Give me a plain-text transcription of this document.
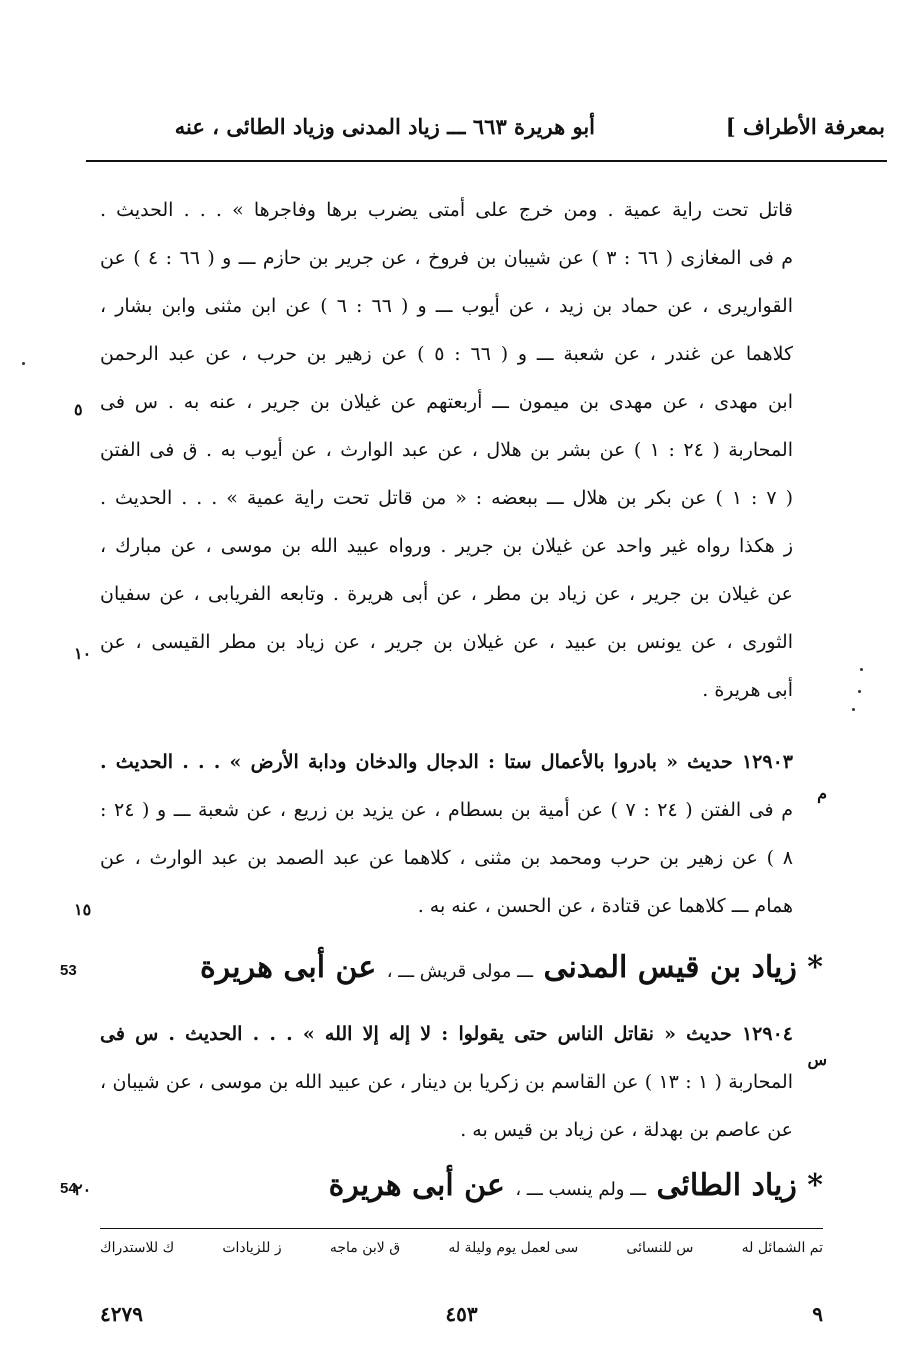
بمعرفة الأطراف ]
أبو هريرة ٦٦٣ ـــ زياد المدنى وزياد الطائى ، عنه
قاتل تحت راية عمية . ومن خرج على أمتى يضرب برها وفاجرها » . . . الحديث .
م فى المغازى ( ٦٦ : ٣ ) عن شيبان بن فروخ ، عن جرير بن حازم ـــ و ( ٦٦ : ٤ ) عن
القواريرى ، عن حماد بن زيد ، عن أيوب ـــ و ( ٦٦ : ٦ ) عن ابن مثنى وابن بشار ،
كلاهما عن غندر ، عن شعبة ـــ و ( ٦٦ : ٥ ) عن زهير بن حرب ، عن عبد الرحمن
ابن مهدى ، عن مهدى بن ميمون ـــ أربعتهم عن غيلان بن جرير ، عنه به . س فى
المحاربة ( ٢٤ : ١ ) عن بشر بن هلال ، عن عبد الوارث ، عن أيوب به . ق فى الفتن
( ٧ : ١ ) عن بكر بن هلال ـــ ببعضه : « من قاتل تحت راية عمية » . . . الحديث .
ز هكذا رواه غير واحد عن غيلان بن جرير . ورواه عبيد الله بن موسى ، عن مبارك ،
عن غيلان بن جرير ، عن زياد بن مطر ، عن أبى هريرة . وتابعه الفريابى ، عن سفيان
الثورى ، عن يونس بن عبيد ، عن غيلان بن جرير ، عن زياد بن مطر القيسى ، عن
أبى هريرة .
١٢٩٠٣ حديث « بادروا بالأعمال ستا : الدجال والدخان ودابة الأرض » . . . الحديث .
م فى الفتن ( ٢٤ : ٧ ) عن أمية بن بسطام ، عن يزيد بن زريع ، عن شعبة ـــ و ( ٢٤ :
٨ ) عن زهير بن حرب ومحمد بن مثنى ، كلاهما عن عبد الصمد بن عبد الوارث ، عن
همام ـــ كلاهما عن قتادة ، عن الحسن ، عنه به .
* زياد بن قيس المدنى ـــ مولى قريش ـــ ، عن أبى هريرة
53
١٢٩٠٤ حديث « نقاتل الناس حتى يقولوا : لا إله إلا الله » . . . الحديث . س فى
المحاربة ( ١ : ١٣ ) عن القاسم بن زكريا بن دينار ، عن عبيد الله بن موسى ، عن شيبان ،
عن عاصم بن بهدلة ، عن زياد بن قيس به .
* زياد الطائى ـــ ولم ينسب ـــ ، عن أبى هريرة
54
٥
١٠
١٥
٢٠
م
س
تم الشمائل له
س للنسائى
سى لعمل يوم وليلة له
ق لابن ماجه
ز للزيادات
ك للاستدراك
٩
٤٥٣
٤٢٧٩
